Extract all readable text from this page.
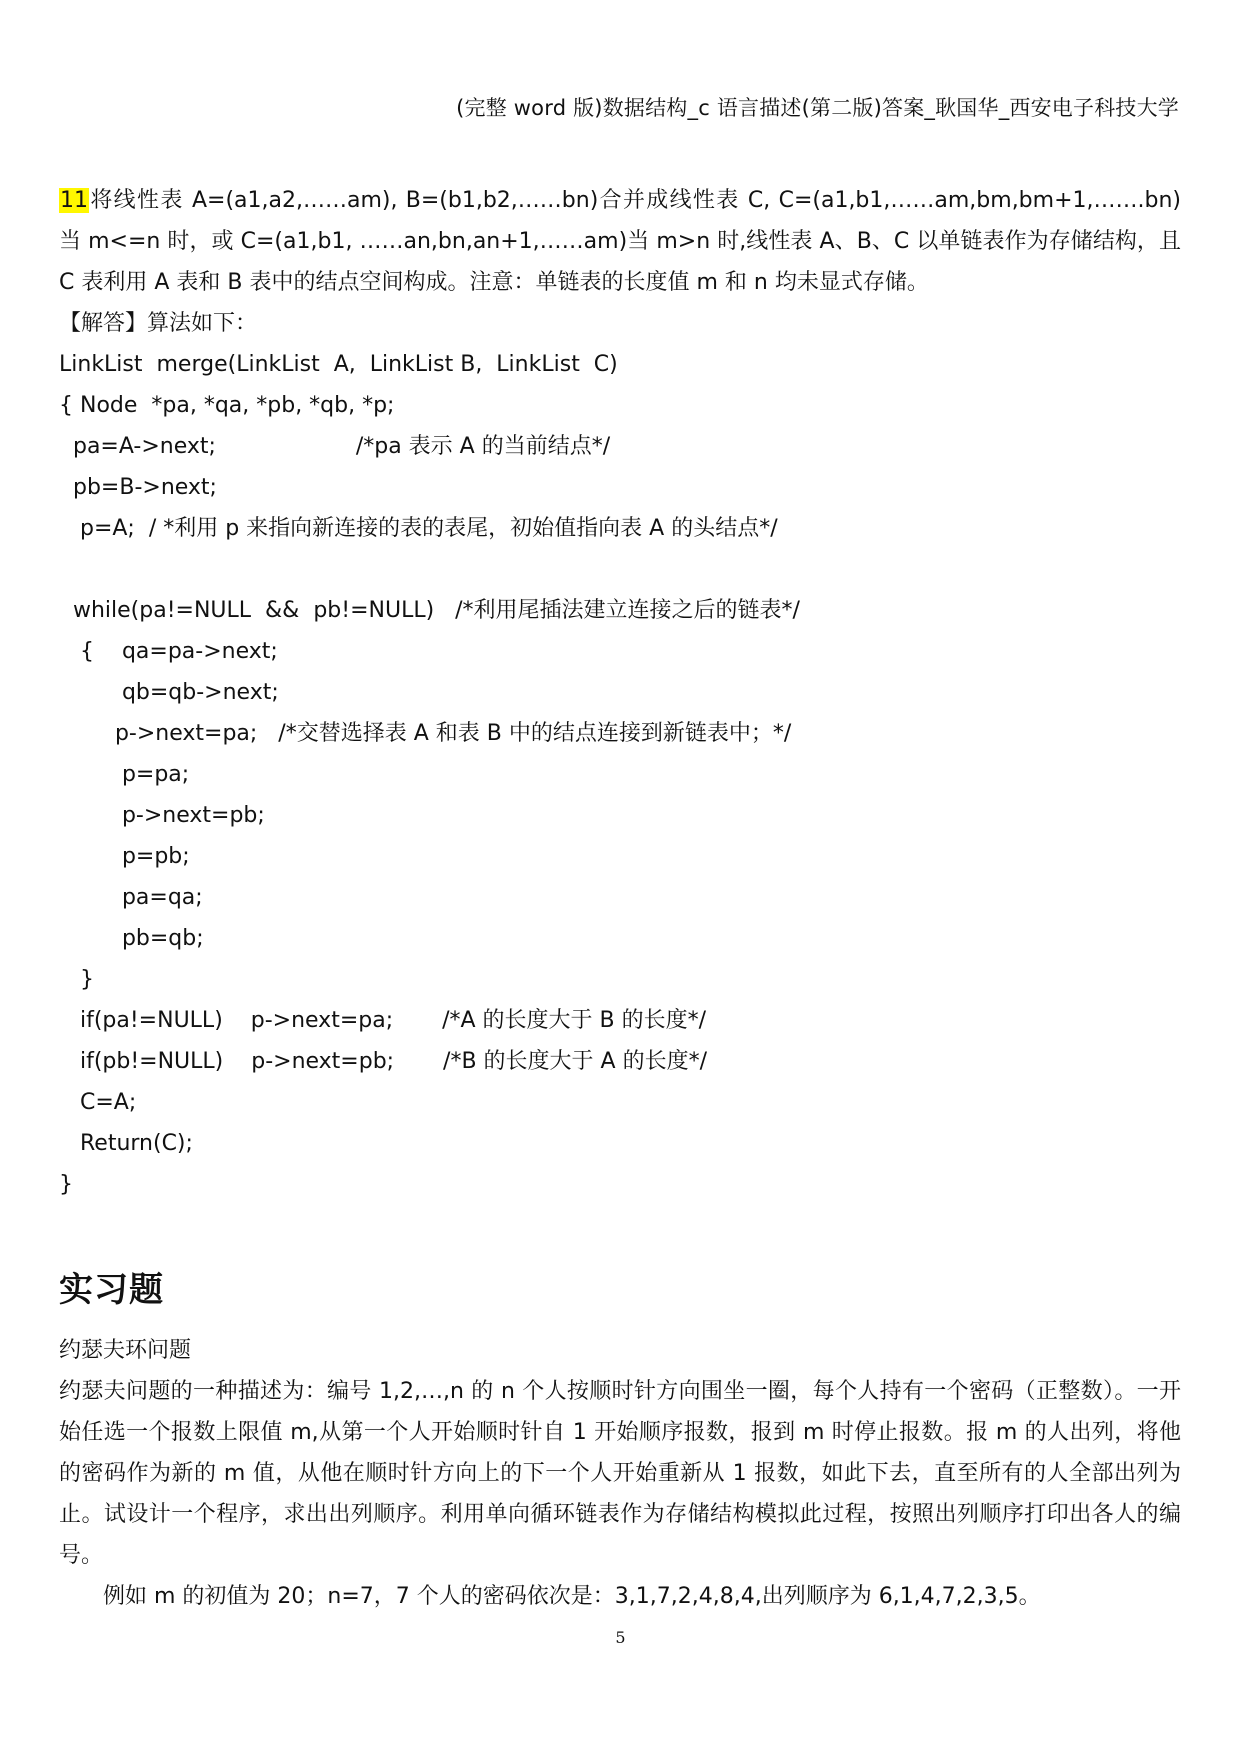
(完整 word 版)数据结构_c 语言描述(第二版)答案_耿国华_西安电子科技大学

11将线性表 A=(a1,a2,……am), B=(b1,b2,……bn)合并成线性表 C, C=(a1,b1,……am,bm,bm+1,…….bn)当 m<=n 时，或 C=(a1,b1, ……an,bn,an+1,……am)当 m>n 时,线性表 A、B、C 以单链表作为存储结构，且 C 表利用 A 表和 B 表中的结点空间构成。注意：单链表的长度值 m 和 n 均未显式存储。

【解答】算法如下：

LinkList  merge(LinkList  A,  LinkList B,  LinkList  C)
{ Node  *pa, *qa, *pb, *qb, *p;
pa=A->next;                    /*pa 表示 A 的当前结点*/
pb=B->next;
p=A;  / *利用 p 来指向新连接的表的表尾，初始值指向表 A 的头结点*/
while(pa!=NULL  &&  pb!=NULL)   /*利用尾插法建立连接之后的链表*/
{    qa=pa->next;
qb=qb->next;
p->next=pa;   /*交替选择表 A 和表 B 中的结点连接到新链表中；*/
p=pa;
p->next=pb;
p=pb;
pa=qa;
pb=qb;
}
if(pa!=NULL)    p->next=pa;       /*A 的长度大于 B 的长度*/
if(pb!=NULL)    p->next=pb;       /*B 的长度大于 A 的长度*/
C=A;
Return(C);
}
实习题

约瑟夫环问题

约瑟夫问题的一种描述为：编号 1,2,…,n 的 n 个人按顺时针方向围坐一圈，每个人持有一个密码（正整数）。一开始任选一个报数上限值 m,从第一个人开始顺时针自 1 开始顺序报数，报到 m 时停止报数。报 m 的人出列，将他的密码作为新的 m 值，从他在顺时针方向上的下一个人开始重新从 1 报数，如此下去，直至所有的人全部出列为止。试设计一个程序，求出出列顺序。利用单向循环链表作为存储结构模拟此过程，按照出列顺序打印出各人的编号。

例如 m 的初值为 20；n=7，7 个人的密码依次是：3,1,7,2,4,8,4,出列顺序为 6,1,4,7,2,3,5。

5
